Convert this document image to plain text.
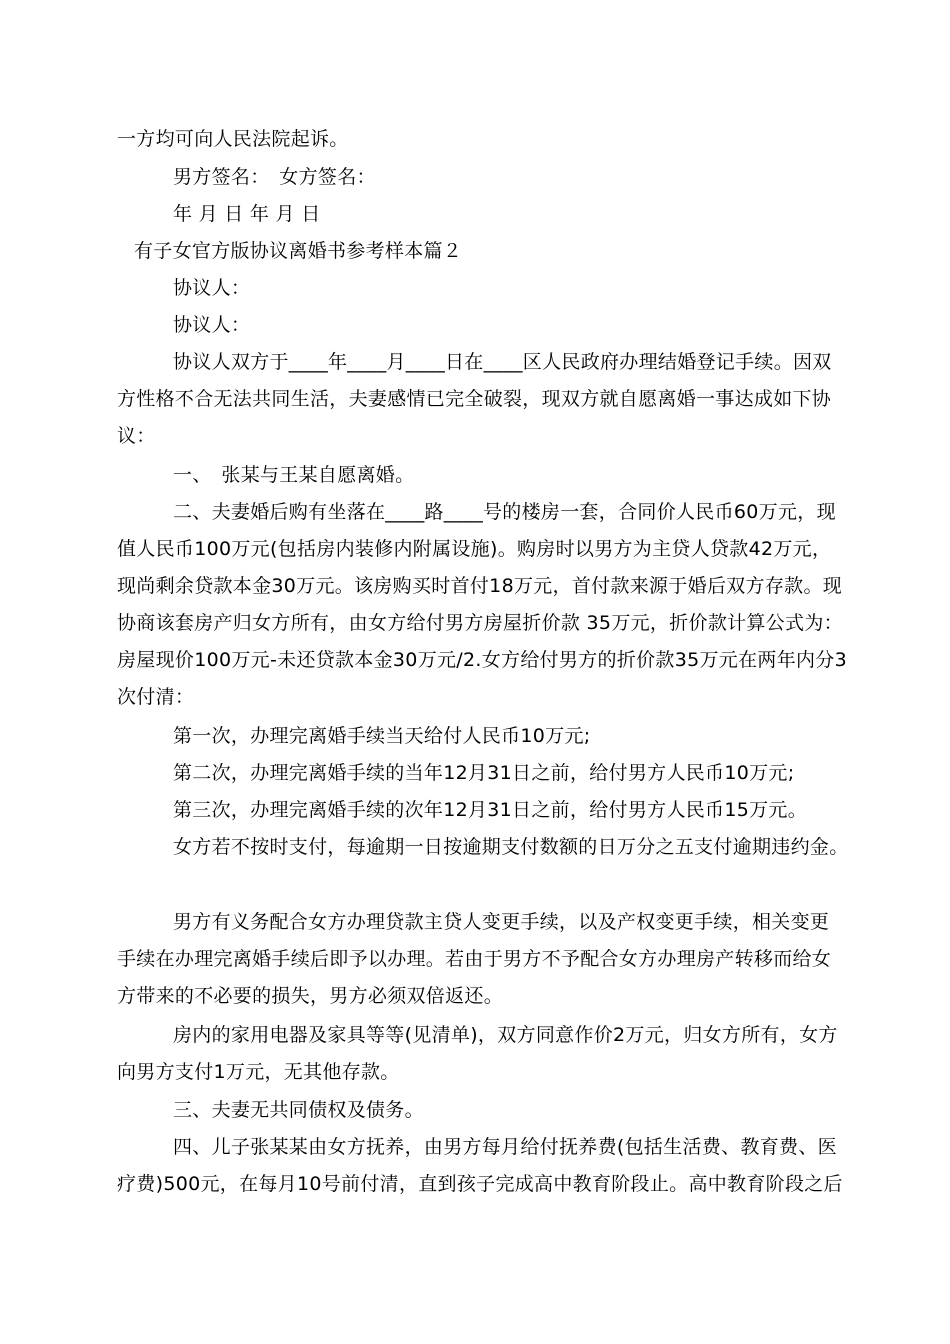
一方均可向人民法院起诉。
男方签名：　女方签名：
年 月 日 年 月 日
有子女官方版协议离婚书参考样本篇２
协议人：
协议人：
协议人双方于____年____月____日在____区人民政府办理结婚登记手续。因双方性格不合无法共同生活，夫妻感情已完全破裂，现双方就自愿离婚一事达成如下协议：
一、　张某与王某自愿离婚。
二、夫妻婚后购有坐落在____路____号的楼房一套，合同价人民币60万元，现值人民币100万元(包括房内装修内附属设施)。购房时以男方为主贷人贷款42万元，现尚剩余贷款本金30万元。该房购买时首付18万元，首付款来源于婚后双方存款。现协商该套房产归女方所有，由女方给付男方房屋折价款 35万元，折价款计算公式为：房屋现价100万元-未还贷款本金30万元/2.女方给付男方的折价款35万元在两年内分3次付清：
第一次，办理完离婚手续当天给付人民币10万元;
第二次，办理完离婚手续的当年12月31日之前，给付男方人民币10万元;
第三次，办理完离婚手续的次年12月31日之前，给付男方人民币15万元。
女方若不按时支付，每逾期一日按逾期支付数额的日万分之五支付逾期违约金。
男方有义务配合女方办理贷款主贷人变更手续，以及产权变更手续，相关变更手续在办理完离婚手续后即予以办理。若由于男方不予配合女方办理房产转移而给女方带来的不必要的损失，男方必须双倍返还。
房内的家用电器及家具等等(见清单)，双方同意作价2万元，归女方所有，女方向男方支付1万元，无其他存款。
三、夫妻无共同债权及债务。
四、儿子张某某由女方抚养，由男方每月给付抚养费(包括生活费、教育费、医疗费)500元，在每月10号前付清，直到孩子完成高中教育阶段止。高中教育阶段之后
